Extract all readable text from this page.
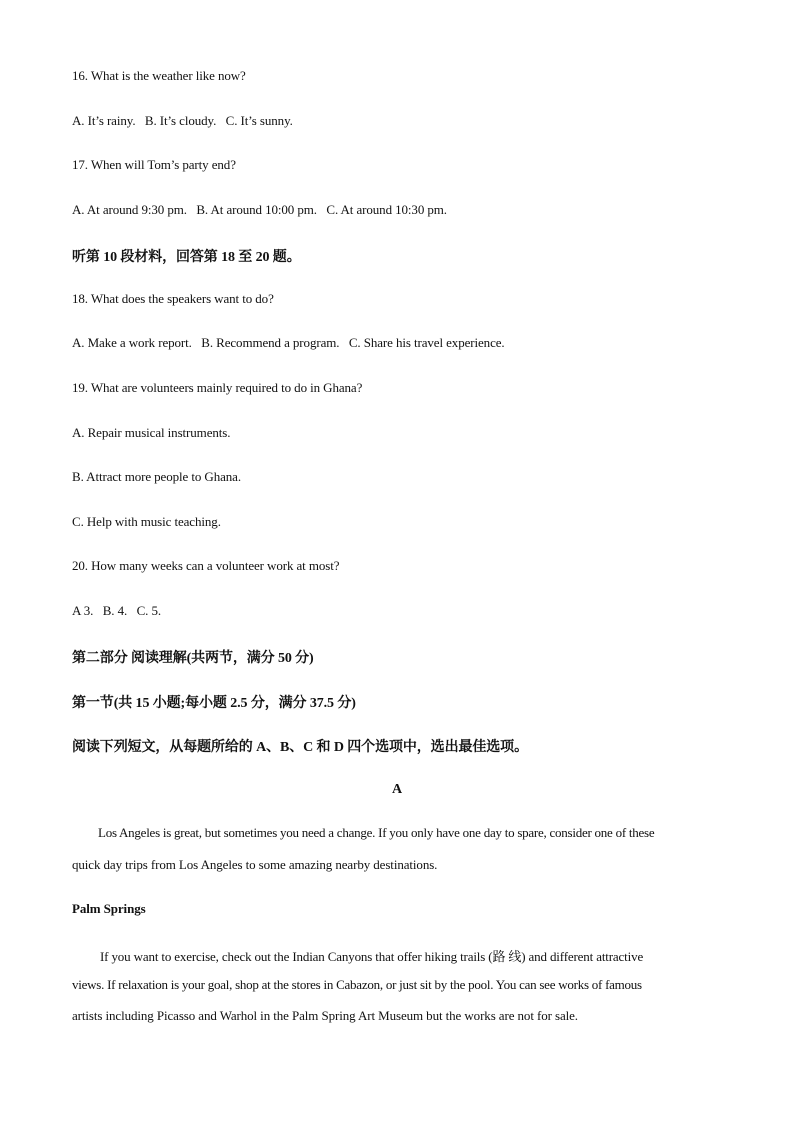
16. What is the weather like now?
A. It’s rainy.   B. It’s cloudy.   C. It’s sunny.
17. When will Tom’s party end?
A. At around 9:30 pm.   B. At around 10:00 pm.   C. At around 10:30 pm.
听第 10 段材料，回答第 18 至 20 题。
18. What does the speakers want to do?
A. Make a work report.   B. Recommend a program.   C. Share his travel experience.
19. What are volunteers mainly required to do in Ghana?
A. Repair musical instruments.
B. Attract more people to Ghana.
C. Help with music teaching.
20. How many weeks can a volunteer work at most?
A 3.   B. 4.   C. 5.
第二部分 阅读理解(共两节，满分 50 分)
第一节(共 15 小题;每小题 2.5 分，满分 37.5 分)
阅读下列短文，从每题所给的 A、B、C 和 D 四个选项中，选出最佳选项。
A
Los Angeles is great, but sometimes you need a change. If you only have one day to spare, consider one of these
quick day trips from Los Angeles to some amazing nearby destinations.
Palm Springs
If you want to exercise, check out the Indian Canyons that offer hiking trails (路 线) and different attractive
views. If relaxation is your goal, shop at the stores in Cabazon, or just sit by the pool. You can see works of famous
artists including Picasso and Warhol in the Palm Spring Art Museum but the works are not for sale.
